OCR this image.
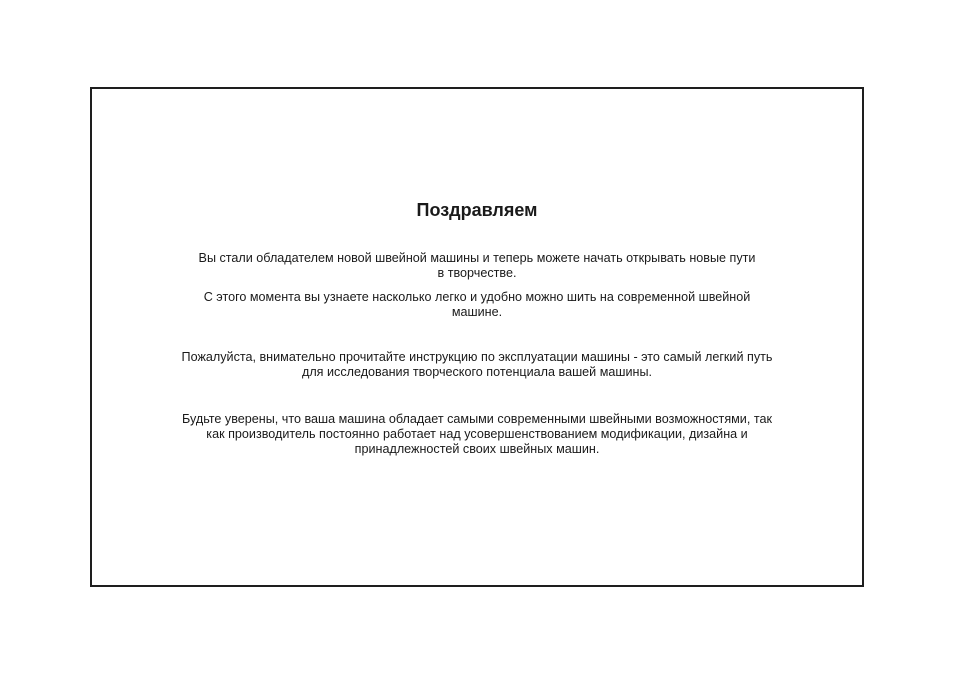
Поздравляем

Вы стали обладателем новой швейной машины и теперь можете начать открывать новые пути в творчестве.

С этого момента вы узнаете насколько легко и удобно можно шить на современной швейной машине.

Пожалуйста, внимательно прочитайте инструкцию по эксплуатации машины - это самый легкий путь для исследования творческого потенциала вашей машины.

Будьте уверены, что ваша машина обладает самыми современными швейными возможностями, так как производитель постоянно работает над усовершенствованием модификации, дизайна и принадлежностей своих швейных машин.
